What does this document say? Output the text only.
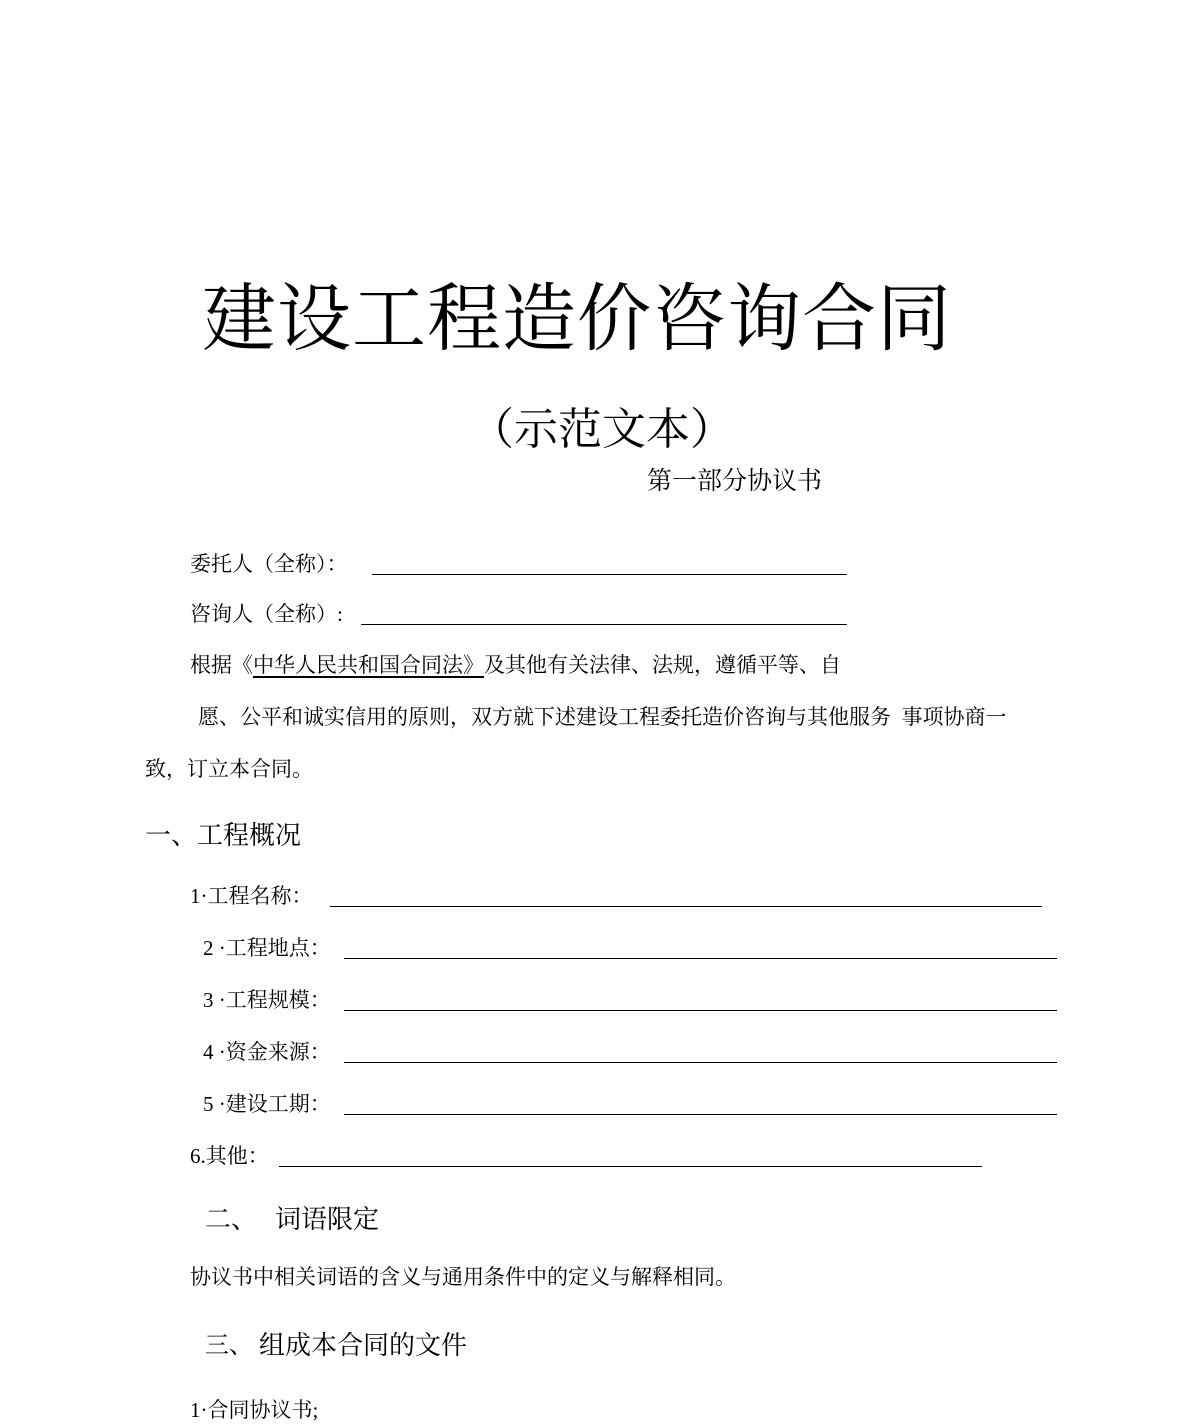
建设工程造价咨询合同
（示范文本）
第一部分协议书
委托人（全称）：
咨询人（全称）:
根据《中华人民共和国合同法》及其他有关法律、法规，遵循平等、自
愿、公平和诚实信用的原则，双方就下述建设工程委托造价咨询与其他服务  事项协商一
致，订立本合同。
一、工程概况
1·工程名称：
2 ·工程地点：
3 ·工程规模：
4 ·资金来源：
5 ·建设工期：
6.其他：
二、 词语限定
协议书中相关词语的含义与通用条件中的定义与解释相同。
三、 组成本合同的文件
1·合同协议书;
